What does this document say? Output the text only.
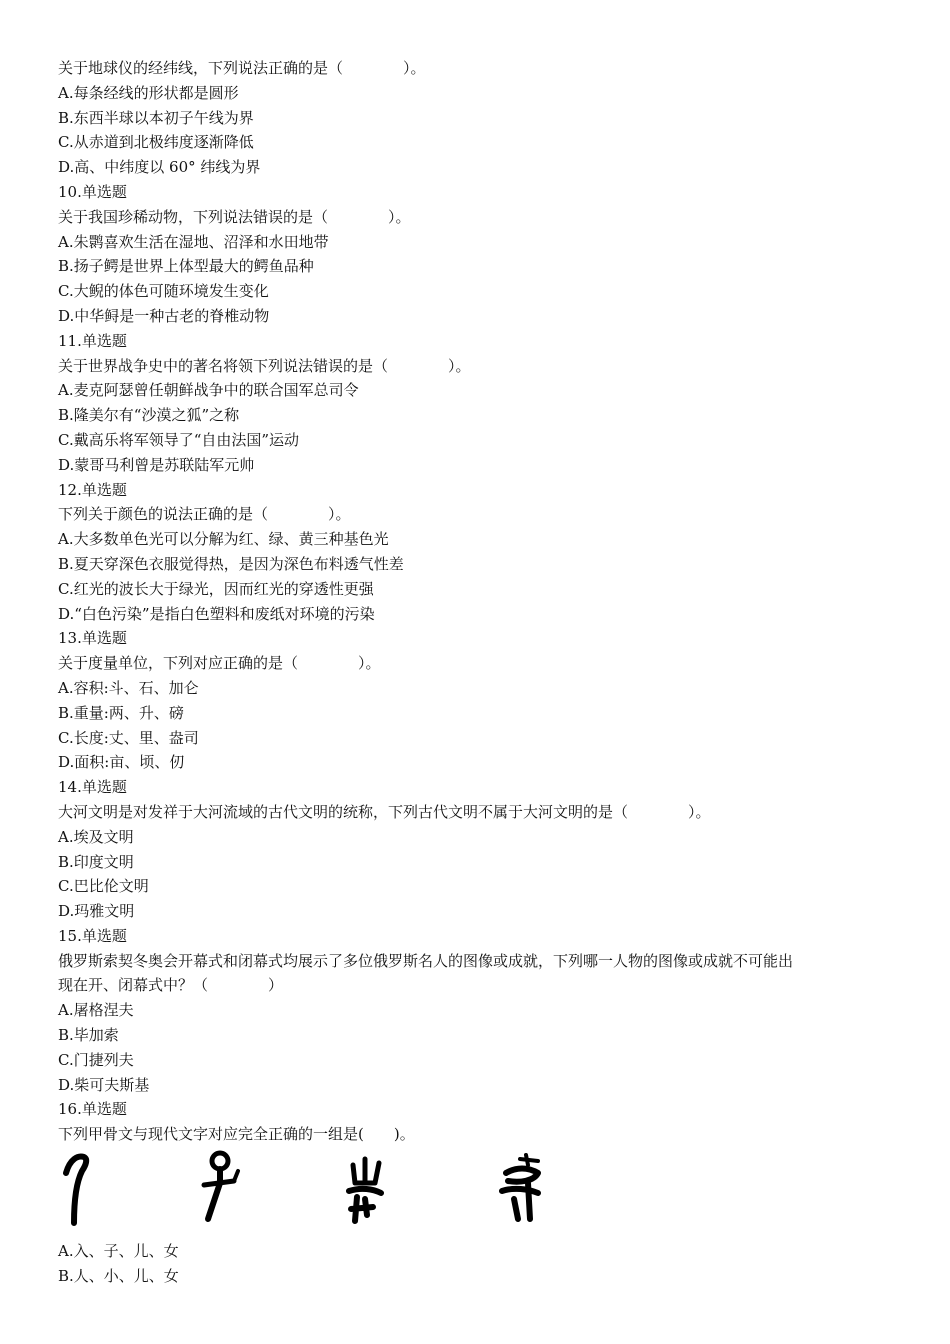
关于地球仪的经纬线，下列说法正确的是（　　　　）。
A.每条经线的形状都是圆形
B.东西半球以本初子午线为界
C.从赤道到北极纬度逐渐降低
D.高、中纬度以 60° 纬线为界
10.单选题
关于我国珍稀动物，下列说法错误的是（　　　　）。
A.朱鹮喜欢生活在湿地、沼泽和水田地带
B.扬子鳄是世界上体型最大的鳄鱼品种
C.大鲵的体色可随环境发生变化
D.中华鲟是一种古老的脊椎动物
11.单选题
关于世界战争史中的著名将领下列说法错误的是（　　　　）。
A.麦克阿瑟曾任朝鲜战争中的联合国军总司令
B.隆美尔有“沙漠之狐”之称
C.戴高乐将军领导了“自由法国”运动
D.蒙哥马利曾是苏联陆军元帅
12.单选题
下列关于颜色的说法正确的是（　　　　）。
A.大多数单色光可以分解为红、绿、黄三种基色光
B.夏天穿深色衣服觉得热，是因为深色布料透气性差
C.红光的波长大于绿光，因而红光的穿透性更强
D.“白色污染”是指白色塑料和废纸对环境的污染
13.单选题
关于度量单位，下列对应正确的是（　　　　）。
A.容积:斗、石、加仑
B.重量:两、升、磅
C.长度:丈、里、盎司
D.面积:亩、顷、仞
14.单选题
大河文明是对发祥于大河流域的古代文明的统称，下列古代文明不属于大河文明的是（　　　　）。
A.埃及文明
B.印度文明
C.巴比伦文明
D.玛雅文明
15.单选题
俄罗斯索契冬奥会开幕式和闭幕式均展示了多位俄罗斯名人的图像或成就，下列哪一人物的图像或成就不可能出
现在开、闭幕式中？（　　　　）
A.屠格涅夫
B.毕加索
C.门捷列夫
D.柴可夫斯基
16.单选题
下列甲骨文与现代文字对应完全正确的一组是(　　)。
A.入、子、儿、女
B.人、小、儿、女
